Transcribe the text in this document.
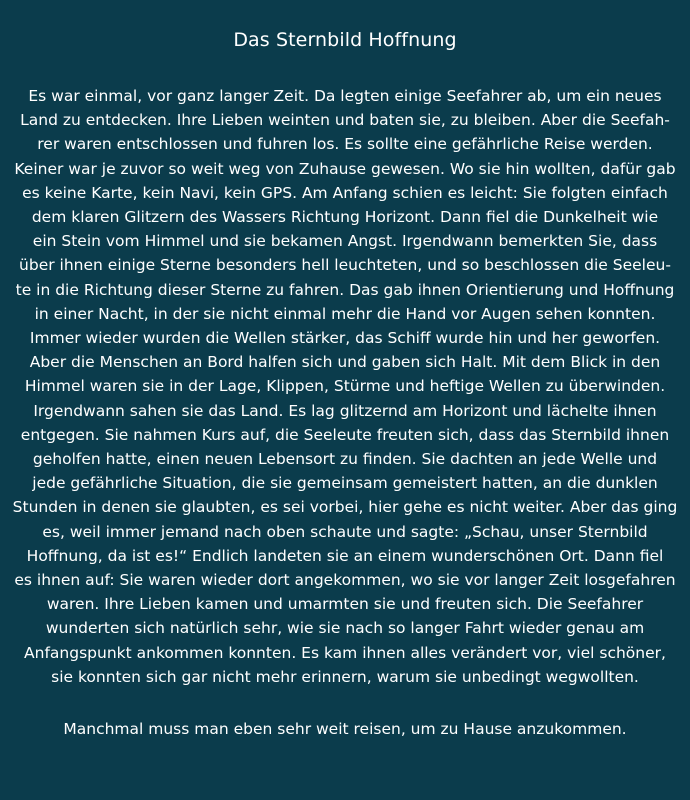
Das Sternbild Hoffnung

Es war einmal, vor ganz langer Zeit. Da legten einige Seefahrer ab, um ein neues

Land zu entdecken. Ihre Lieben weinten und baten sie, zu bleiben. Aber die Seefah-

rer waren entschlossen und fuhren los. Es sollte eine gefährliche Reise werden.

Keiner war je zuvor so weit weg von Zuhause gewesen. Wo sie hin wollten, dafür gab

es keine Karte, kein Navi, kein GPS. Am Anfang schien es leicht: Sie folgten einfach

dem klaren Glitzern des Wassers Richtung Horizont. Dann fiel die Dunkelheit wie

ein Stein vom Himmel und sie bekamen Angst. Irgendwann bemerkten Sie, dass

über ihnen einige Sterne besonders hell leuchteten, und so beschlossen die Seeleu-

te in die Richtung dieser Sterne zu fahren. Das gab ihnen Orientierung und Hoffnung

in einer Nacht, in der sie nicht einmal mehr die Hand vor Augen sehen konnten.

Immer wieder wurden die Wellen stärker, das Schiff wurde hin und her geworfen.

Aber die Menschen an Bord halfen sich und gaben sich Halt. Mit dem Blick in den

Himmel waren sie in der Lage, Klippen, Stürme und heftige Wellen zu überwinden.

Irgendwann sahen sie das Land. Es lag glitzernd am Horizont und lächelte ihnen

entgegen. Sie nahmen Kurs auf, die Seeleute freuten sich, dass das Sternbild ihnen

geholfen hatte, einen neuen Lebensort zu finden. Sie dachten an jede Welle und

jede gefährliche Situation, die sie gemeinsam gemeistert hatten, an die dunklen

Stunden in denen sie glaubten, es sei vorbei, hier gehe es nicht weiter. Aber das ging

es, weil immer jemand nach oben schaute und sagte: „Schau, unser Sternbild

Hoffnung, da ist es!“ Endlich landeten sie an einem wunderschönen Ort. Dann fiel

es ihnen auf: Sie waren wieder dort angekommen, wo sie vor langer Zeit losgefahren

waren. Ihre Lieben kamen und umarmten sie und freuten sich. Die Seefahrer

wunderten sich natürlich sehr, wie sie nach so langer Fahrt wieder genau am

Anfangspunkt ankommen konnten. Es kam ihnen alles verändert vor, viel schöner,

sie konnten sich gar nicht mehr erinnern, warum sie unbedingt wegwollten.

Manchmal muss man eben sehr weit reisen, um zu Hause anzukommen.
